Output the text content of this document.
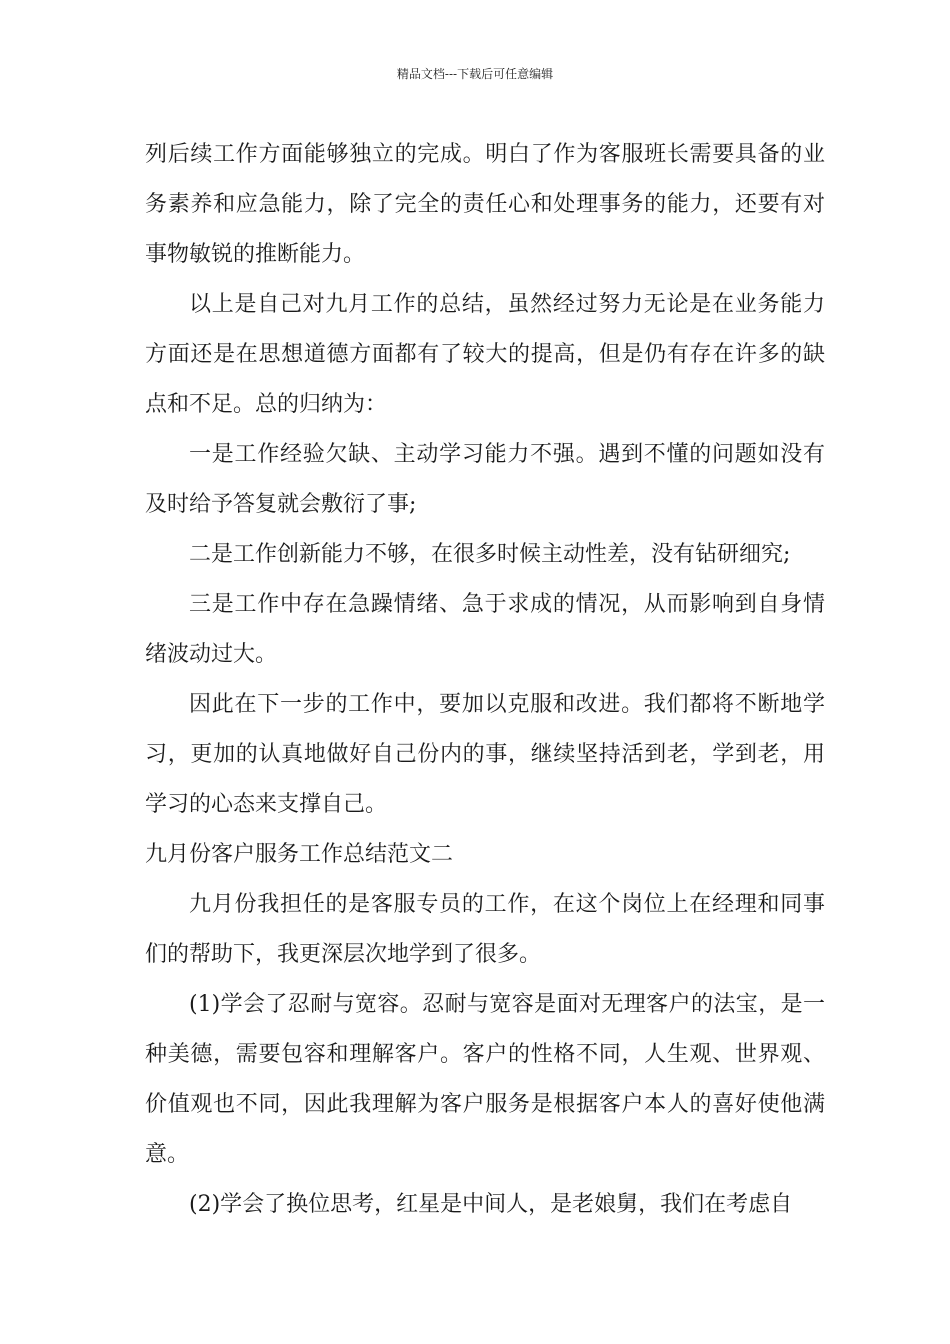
精品文档---下载后可任意编辑

列后续工作方面能够独立的完成。明白了作为客服班长需要具备的业务素养和应急能力，除了完全的责任心和处理事务的能力，还要有对事物敏锐的推断能力。

以上是自己对九月工作的总结，虽然经过努力无论是在业务能力方面还是在思想道德方面都有了较大的提高，但是仍有存在许多的缺点和不足。总的归纳为：

一是工作经验欠缺、主动学习能力不强。遇到不懂的问题如没有及时给予答复就会敷衍了事;

二是工作创新能力不够，在很多时候主动性差，没有钻研细究;

三是工作中存在急躁情绪、急于求成的情况，从而影响到自身情绪波动过大。

因此在下一步的工作中，要加以克服和改进。我们都将不断地学习，更加的认真地做好自己份内的事，继续坚持活到老，学到老，用学习的心态来支撑自己。

九月份客户服务工作总结范文二

九月份我担任的是客服专员的工作，在这个岗位上在经理和同事们的帮助下，我更深层次地学到了很多。

(1)学会了忍耐与宽容。忍耐与宽容是面对无理客户的法宝，是一种美德，需要包容和理解客户。客户的性格不同，人生观、世界观、价值观也不同，因此我理解为客户服务是根据客户本人的喜好使他满意。

(2)学会了换位思考，红星是中间人，是老娘舅，我们在考虑自
